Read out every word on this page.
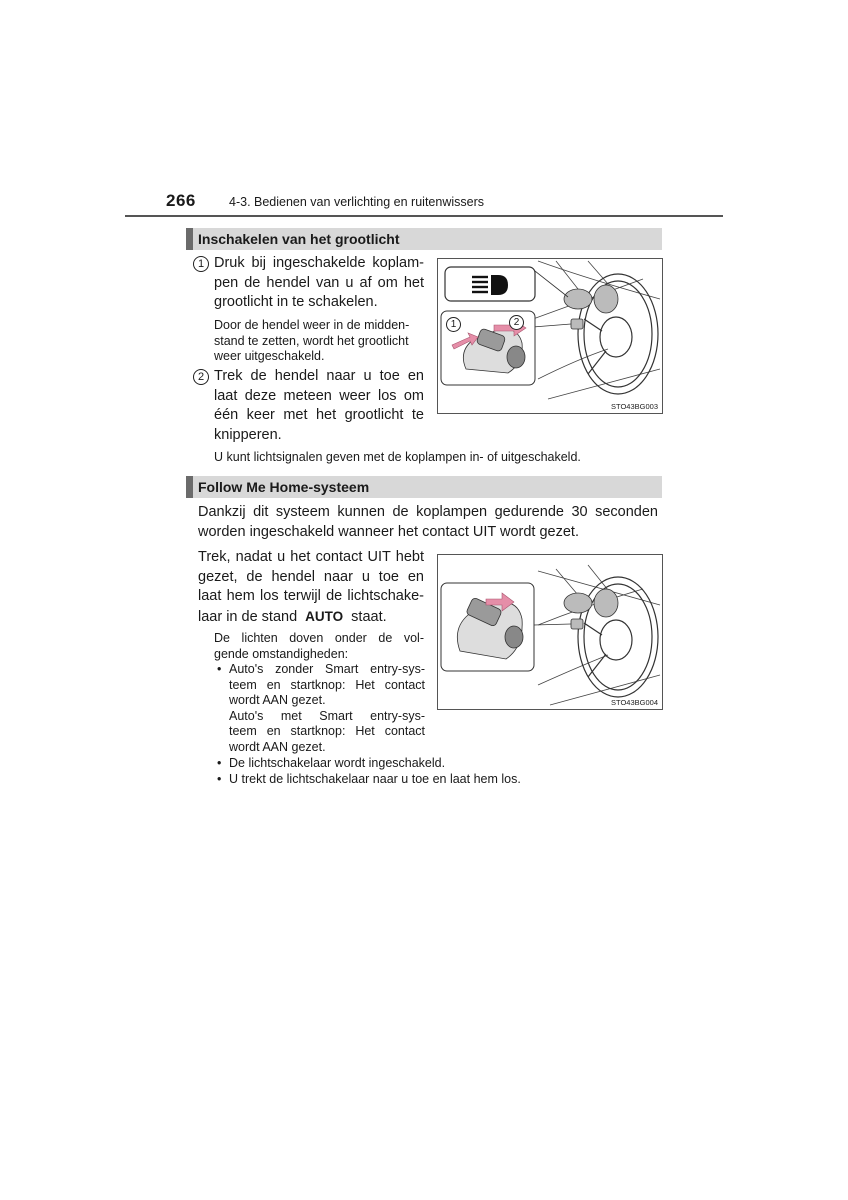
266	4-3. Bedienen van verlichting en ruitenwissers
Inschakelen van het grootlicht
1 Druk bij ingeschakelde koplam-
pen de hendel van u af om het
grootlicht in te schakelen.
Door de hendel weer in de midden-
stand te zetten, wordt het grootlicht
weer uitgeschakeld.
2 Trek de hendel naar u toe en
laat deze meteen weer los om
één keer met het grootlicht te
knipperen.
U kunt lichtsignalen geven met de koplampen in- of uitgeschakeld.
1	2
STO43BG003
Follow Me Home-systeem
Dankzij dit systeem kunnen de koplampen gedurende 30 seconden
worden ingeschakeld wanneer het contact UIT wordt gezet.
Trek, nadat u het contact UIT hebt
gezet, de hendel naar u toe en
laat hem los terwijl de lichtschake-
laar in de stand AUTO staat.
De lichten doven onder de vol-
gende omstandigheden:
• Auto's zonder Smart entry-sys-
teem en startknop: Het contact
wordt AAN gezet.
Auto's met Smart entry-sys-
teem en startknop: Het contact
wordt AAN gezet.
• De lichtschakelaar wordt ingeschakeld.
• U trekt de lichtschakelaar naar u toe en laat hem los.
STO43BG004
